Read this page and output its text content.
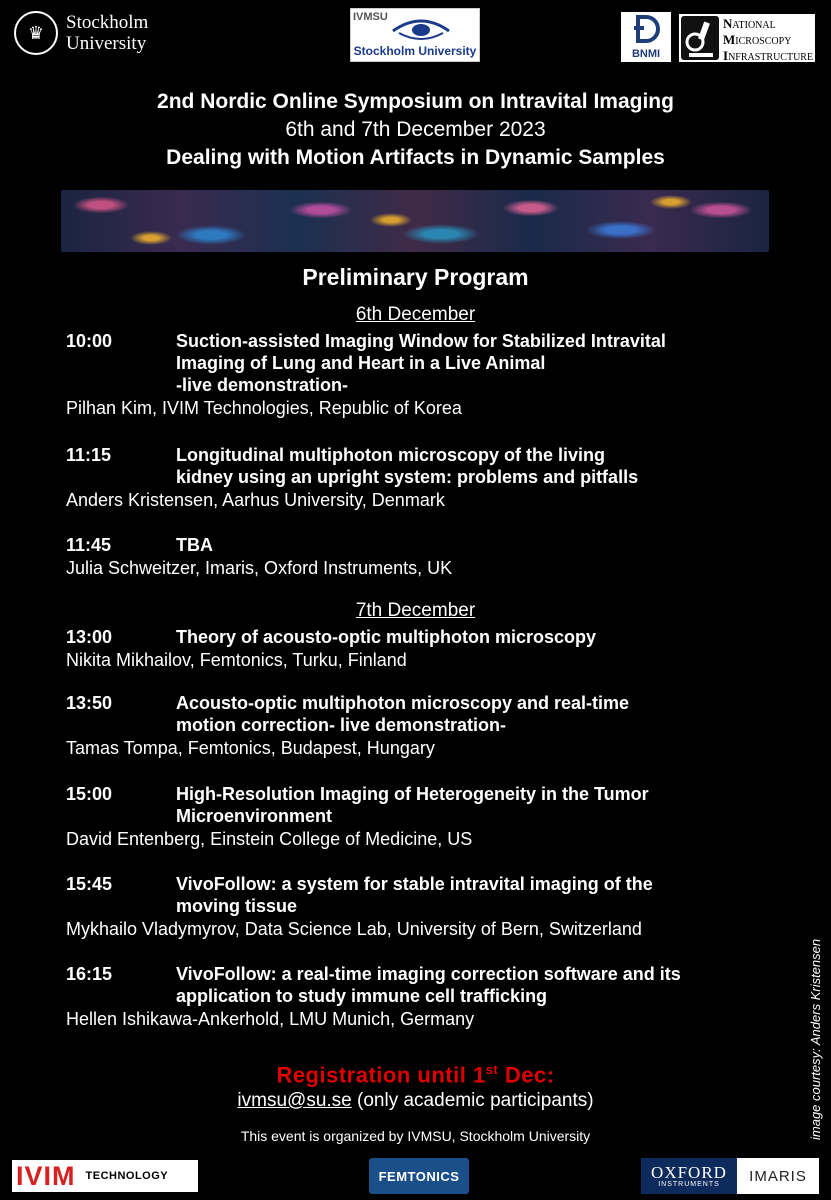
♛ Stockholm
University
IVMSU
Stockholm University	BNMI
NATIONAL
MICROSCOPY
INFRASTRUCTURE
2nd Nordic Online Symposium on Intravital Imaging
6th and 7th December 2023
Dealing with Motion Artifacts in Dynamic Samples
Preliminary Program
6th December
10:00	Suction-assisted Imaging Window for Stabilized Intravital
Imaging of Lung and Heart in a Live Animal
-live demonstration-
Pilhan Kim, IVIM Technologies, Republic of Korea
11:15	Longitudinal multiphoton microscopy of the living
kidney using an upright system: problems and pitfalls
Anders Kristensen, Aarhus University, Denmark
11:45	TBA
Julia Schweitzer, Imaris, Oxford Instruments, UK
7th December
13:00	Theory of acousto-optic multiphoton microscopy
Nikita Mikhailov, Femtonics, Turku, Finland
13:50	Acousto-optic multiphoton microscopy and real-time
motion correction- live demonstration-
Tamas Tompa, Femtonics, Budapest, Hungary
15:00	High-Resolution Imaging of Heterogeneity in the Tumor
Microenvironment
David Entenberg, Einstein College of Medicine, US
15:45	VivoFollow: a system for stable intravital imaging of the
moving tissue
Mykhailo Vladymyrov, Data Science Lab, University of Bern, Switzerland
16:15	VivoFollow: a real-time imaging correction software and its
application to study immune cell trafficking
Hellen Ishikawa-Ankerhold, LMU Munich, Germany
Registration until 1st Dec:
ivmsu@su.se (only academic participants)
This event is organized by IVMSU, Stockholm University	image courtesy: Anders Kristensen
IVIM TECHNOLOGY	FEMTONICS	OXFORD
INSTRUMENTS	IMARIS
